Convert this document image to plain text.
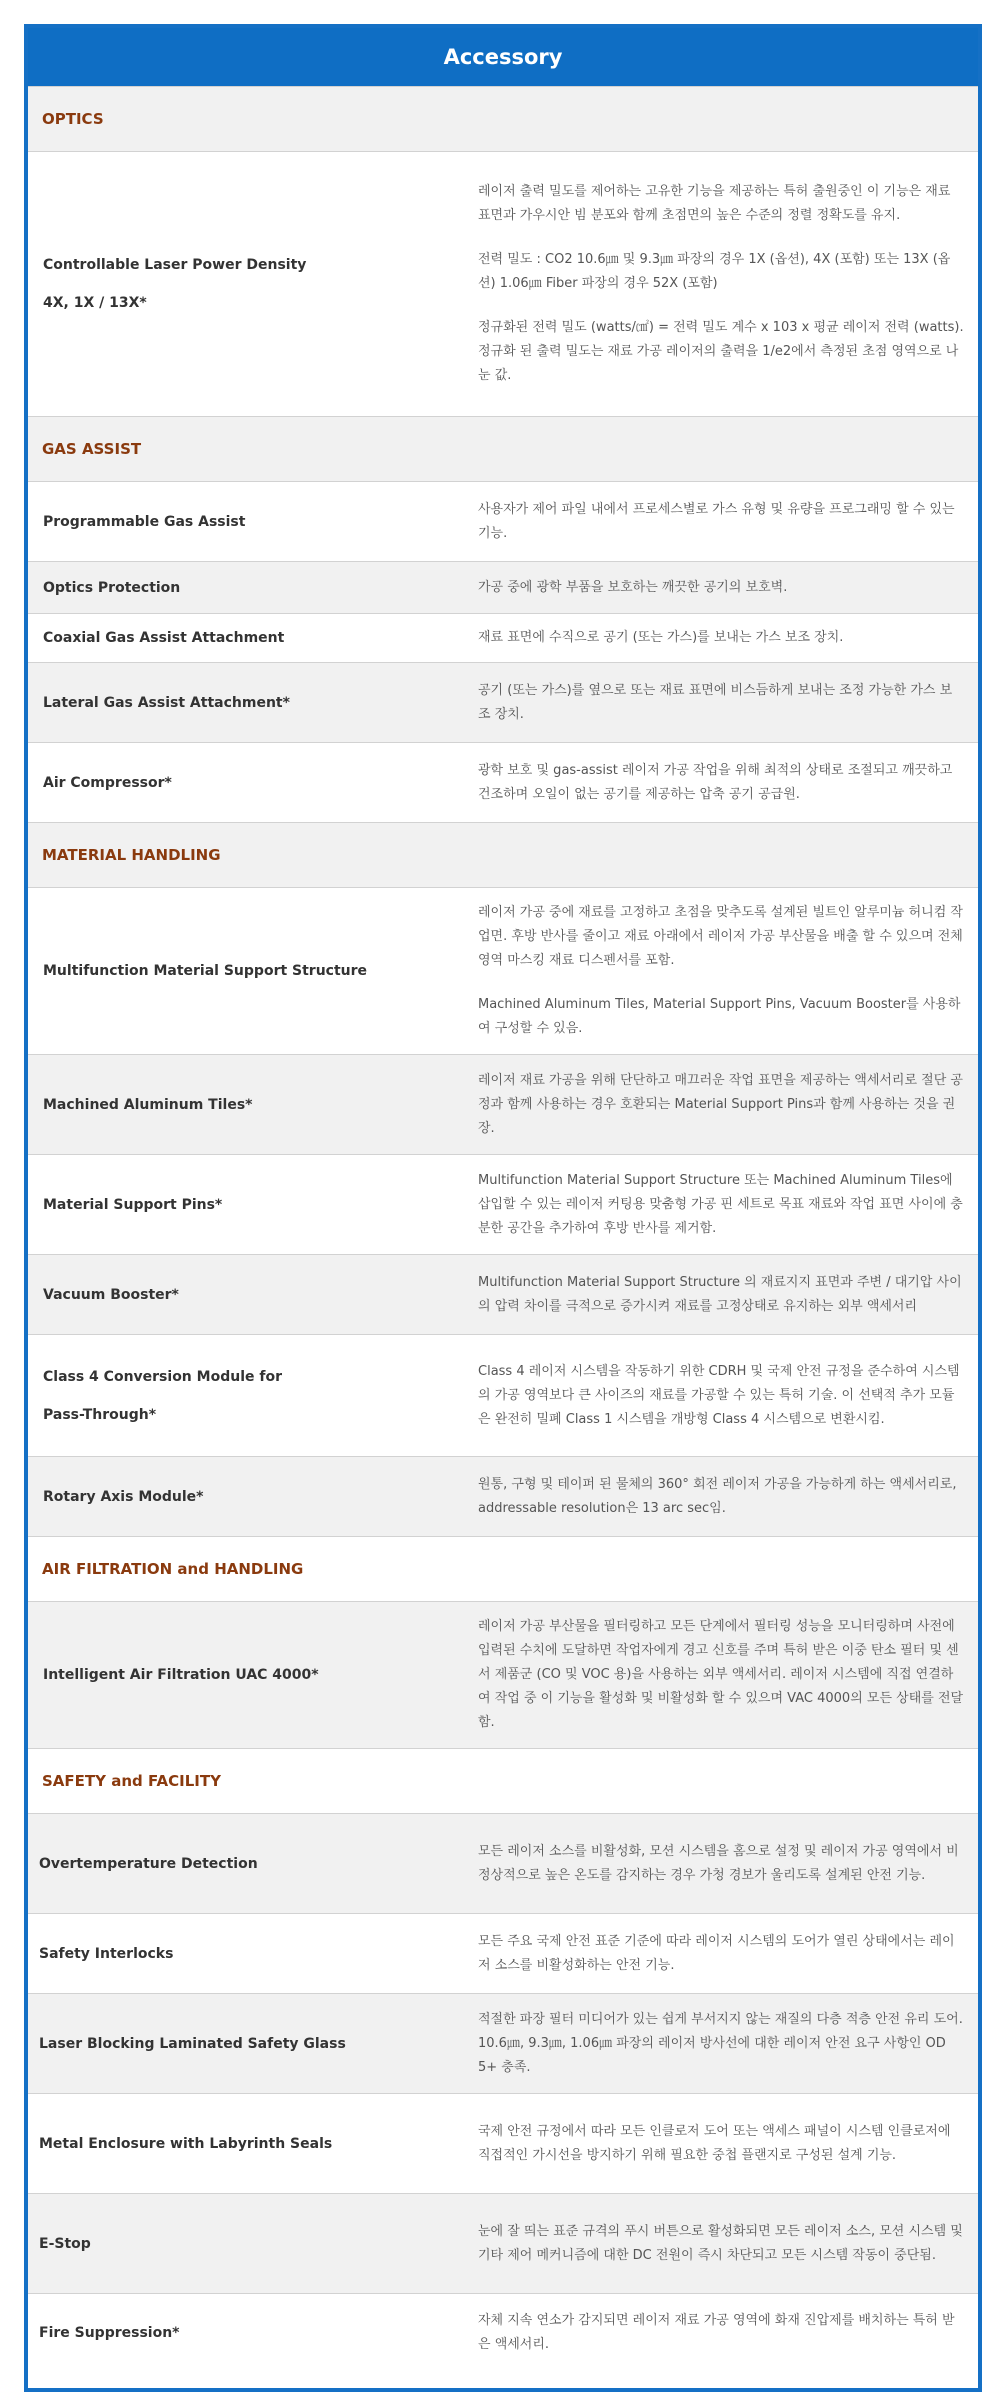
Accessory
OPTICS
Controllable Laser Power Density
4X, 1X / 13X*

레이저 출력 밀도를 제어하는 고유한 기능을 제공하는 특허 출원중인 이 기능은 재료 표면과 가우시안 빔 분포와 함께 초점면의 높은 수준의 정렬 정확도를 유지.

전력 밀도 : CO2 10.6㎛ 및 9.3㎛ 파장의 경우 1X (옵션), 4X (포함) 또는 13X (옵션) 1.06㎛ Fiber 파장의 경우 52X (포함)

정규화된 전력 밀도 (watts/㎠) = 전력 밀도 계수 x 103 x 평균 레이저 전력 (watts). 정규화 된 출력 밀도는 재료 가공 레이저의 출력을 1/e2에서 측정된 초점 영역으로 나눈 값.

GAS ASSIST
Programmable Gas Assist

사용자가 제어 파일 내에서 프로세스별로 가스 유형 및 유량을 프로그래밍 할 수 있는 기능.

Optics Protection	가공 중에 광학 부품을 보호하는 깨끗한 공기의 보호벽.

Coaxial Gas Assist Attachment	재료 표면에 수직으로 공기 (또는 가스)를 보내는 가스 보조 장치.

Lateral Gas Assist Attachment*

공기 (또는 가스)를 옆으로 또는 재료 표면에 비스듬하게 보내는 조정 가능한 가스 보조 장치.

Air Compressor*

광학 보호 및 gas-assist 레이저 가공 작업을 위해 최적의 상태로 조절되고 깨끗하고 건조하며 오일이 없는 공기를 제공하는 압축 공기 공급원.

MATERIAL HANDLING
Multifunction Material Support Structure

레이저 가공 중에 재료를 고정하고 초점을 맞추도록 설계된 빌트인 알루미늄 허니컴 작업면. 후방 반사를 줄이고 재료 아래에서 레이저 가공 부산물을 배출 할 수 있으며 전체 영역 마스킹 재료 디스펜서를 포함.

Machined Aluminum Tiles, Material Support Pins, Vacuum Booster를 사용하여 구성할 수 있음.

Machined Aluminum Tiles*

레이저 재료 가공을 위해 단단하고 매끄러운 작업 표면을 제공하는 액세서리로 절단 공정과 함께 사용하는 경우 호환되는 Material Support Pins과 함께 사용하는 것을 권장.

Material Support Pins*

Multifunction Material Support Structure 또는 Machined Aluminum Tiles에 삽입할 수 있는 레이저 커팅용 맞춤형 가공 핀 세트로 목표 재료와 작업 표면 사이에 충분한 공간을 추가하여 후방 반사를 제거함.

Vacuum Booster*

Multifunction Material Support Structure 의 재료지지 표면과 주변 / 대기압 사이의 압력 차이를 극적으로 증가시켜 재료를 고정상태로 유지하는 외부 액세서리

Class 4 Conversion Module for
Pass-Through*

Class 4 레이저 시스템을 작동하기 위한 CDRH 및 국제 안전 규정을 준수하여 시스템의 가공 영역보다 큰 사이즈의 재료를 가공할 수 있는 특허 기술. 이 선택적 추가 모듈은 완전히 밀폐 Class 1 시스템을 개방형 Class 4 시스템으로 변환시킴.

Rotary Axis Module*

원통, 구형 및 테이퍼 된 물체의 360° 회전 레이저 가공을 가능하게 하는 액세서리로, addressable resolution은 13 arc sec임.

AIR FILTRATION and HANDLING
Intelligent Air Filtration UAC 4000*

레이저 가공 부산물을 필터링하고 모든 단계에서 필터링 성능을 모니터링하며 사전에 입력된 수치에 도달하면 작업자에게 경고 신호를 주며 특허 받은 이중 탄소 필터 및 센서 제품군 (CO 및 VOC 용)을 사용하는 외부 액세서리. 레이저 시스템에 직접 연결하여 작업 중 이 기능을 활성화 및 비활성화 할 수 있으며 VAC 4000의 모든 상태를 전달함.

SAFETY and FACILITY
Overtemperature Detection

모든 레이저 소스를 비활성화, 모션 시스템을 홈으로 설정 및 레이저 가공 영역에서 비정상적으로 높은 온도를 감지하는 경우 가청 경보가 울리도록 설계된 안전 기능.

Safety Interlocks

모든 주요 국제 안전 표준 기준에 따라 레이저 시스템의 도어가 열린 상태에서는 레이저 소스를 비활성화하는 안전 기능.

Laser Blocking Laminated Safety Glass

적절한 파장 필터 미디어가 있는 쉽게 부서지지 않는 재질의 다층 적층 안전 유리 도어. 10.6㎛, 9.3㎛, 1.06㎛ 파장의 레이저 방사선에 대한 레이저 안전 요구 사항인 OD 5+ 충족.

Metal Enclosure with Labyrinth Seals

국제 안전 규정에서 따라 모든 인클로저 도어 또는 액세스 패널이 시스템 인클로저에 직접적인 가시선을 방지하기 위해 필요한 중첩 플랜지로 구성된 설계 기능.

E-Stop

눈에 잘 띄는 표준 규격의 푸시 버튼으로 활성화되면 모든 레이저 소스, 모션 시스템 및 기타 제어 메커니즘에 대한 DC 전원이 즉시 차단되고 모든 시스템 작동이 중단됨.

Fire Suppression*

자체 지속 연소가 감지되면 레이저 재료 가공 영역에 화재 진압제를 배치하는 특허 받은 액세서리.
